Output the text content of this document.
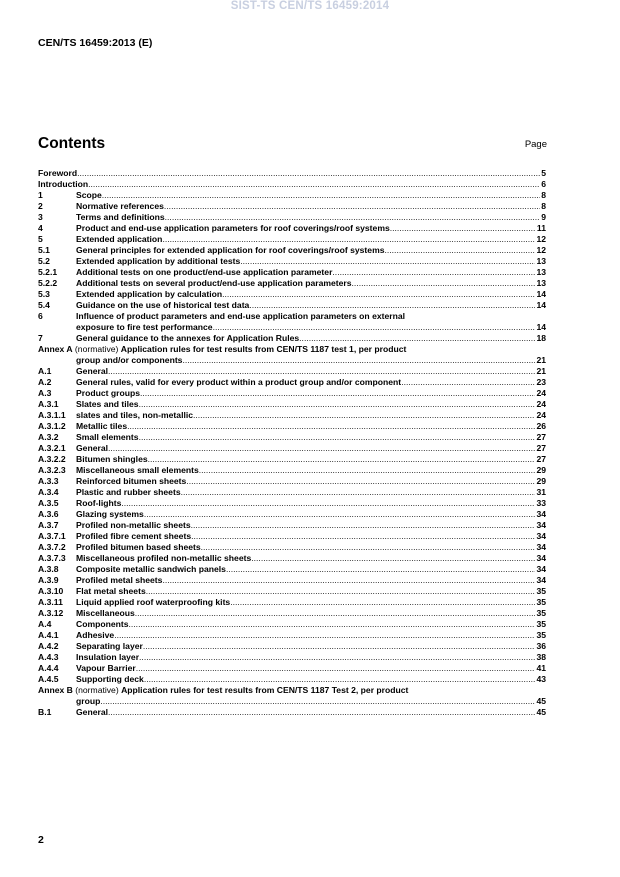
SIST-TS CEN/TS 16459:2014
CEN/TS 16459:2013 (E)
Contents	Page
Foreword .....	5
Introduction .....	6
1	Scope .....	8
2	Normative references .....	8
3	Terms and definitions .....	9
4	Product and end-use application parameters for roof coverings/roof systems .....	11
5	Extended application .....	12
5.1	General principles for extended application for roof coverings/roof systems .....	12
5.2	Extended application by additional tests .....	13
5.2.1 Additional tests on one product/end-use application parameter .....	13
5.2.2 Additional tests on several product/end-use application parameters .....	13
5.3	Extended application by calculation .....	14
5.4	Guidance on the use of historical test data .....	14
6	Influence of product parameters and end-use application parameters on external
exposure to fire test performance .....	14
7	General guidance to the annexes for Application Rules .....	18
Annex A (normative) Application rules for test results from CEN/TS 1187 test 1, per product
group and/or components .....	21
A.1	General .....	21
A.2	General rules, valid for every product within a product group and/or component .....	23
A.3	Product groups .....	24
A.3.1 Slates and tiles .....	24
A.3.1.1 slates and tiles, non-metallic .....	24
A.3.1.2 Metallic tiles .....	26
A.3.2 Small elements .....	27
A.3.2.1 General .....	27
A.3.2.2 Bitumen shingles .....	27
A.3.2.3 Miscellaneous small elements .....	29
A.3.3 Reinforced bitumen sheets .....	29
A.3.4 Plastic and rubber sheets .....	31
A.3.5 Roof-lights .....	33
A.3.6 Glazing systems .....	34
A.3.7 Profiled non-metallic sheets .....	34
A.3.7.1 Profiled fibre cement sheets .....	34
A.3.7.2 Profiled bitumen based sheets .....	34
A.3.7.3 Miscellaneous profiled non-metallic sheets .....	34
A.3.8 Composite metallic sandwich panels .....	34
A.3.9 Profiled metal sheets .....	34
A.3.10 Flat metal sheets .....	35
A.3.11 Liquid applied roof waterproofing kits .....	35
A.3.12 Miscellaneous .....	35
A.4	Components .....	35
A.4.1 Adhesive .....	35
A.4.2 Separating layer .....	36
A.4.3 Insulation layer .....	38
A.4.4 Vapour Barrier .....	41
A.4.5 Supporting deck .....	43
Annex B (normative) Application rules for test results from CEN/TS 1187 Test 2, per product
group .....	45
B.1	General .....	45
2
